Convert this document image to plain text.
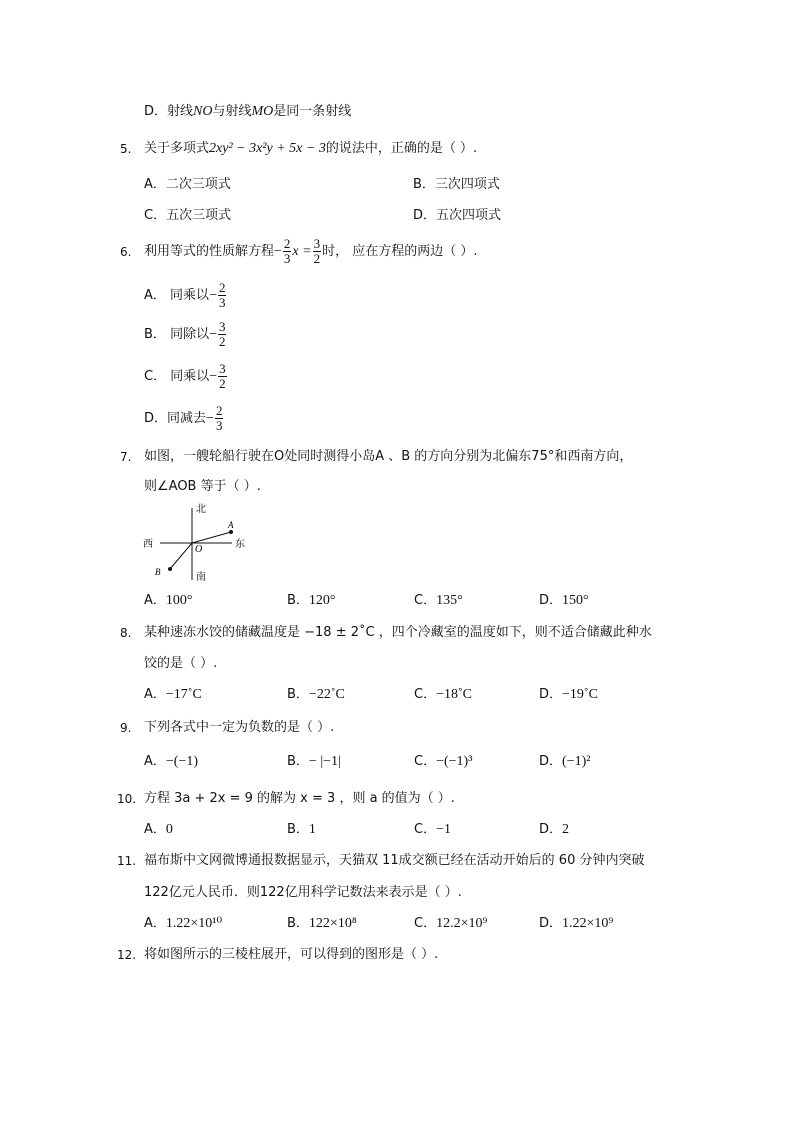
D．射线NO与射线MO是同一条射线
5. 关于多项式2xy² − 3x²y + 5x − 3的说法中，正确的是（ ）.
A．二次三项式	B．三次四项式
C．五次三项式	D．五次四项式
6. 利用等式的性质解方程− $\frac{2}{3}$ $x = \frac{3}{2}$ 时， 应在方程的两边（ ）.
A． 同乘以− $\frac{2}{3}$
B． 同除以− $\frac{3}{2}$
C． 同乘以− $\frac{3}{2}$
D．同减去− $\frac{2}{3}$
7. 如图，一艘轮船行驶在O处同时测得小岛A 、B 的方向分别为北偏东75°和西南方向，
则∠AOB 等于（ ）.
北
南
西	东
O
A
B
A．100°	B．120°	C．135°	D．150°
8. 某种速冻水饺的储藏温度是 −18 ± 2˚C ，四个冷藏室的温度如下，则不适合储藏此种水
饺的是（ ）.
A．−17˚C	B．−22˚C	C．−18˚C	D．−19˚C
9. 下列各式中一定为负数的是（ ）.
A．−(−1)	B．− |−1|	C．−(−1)³	D．(−1)²
10. 方程 3a + 2x = 9 的解为 x = 3 ，则 a 的值为（ ）.
A．0	B．1	C．−1	D．2
11. 福布斯中文网微博通报数据显示，天猫双 11成交额已经在活动开始后的 60 分钟内突破
122亿元人民币．则122亿用科学记数法来表示是（ ）.
A．1.22×10¹⁰	B．122×10⁸	C．12.2×10⁹	D．1.22×10⁹
12. 将如图所示的三棱柱展开，可以得到的图形是（ ）.
